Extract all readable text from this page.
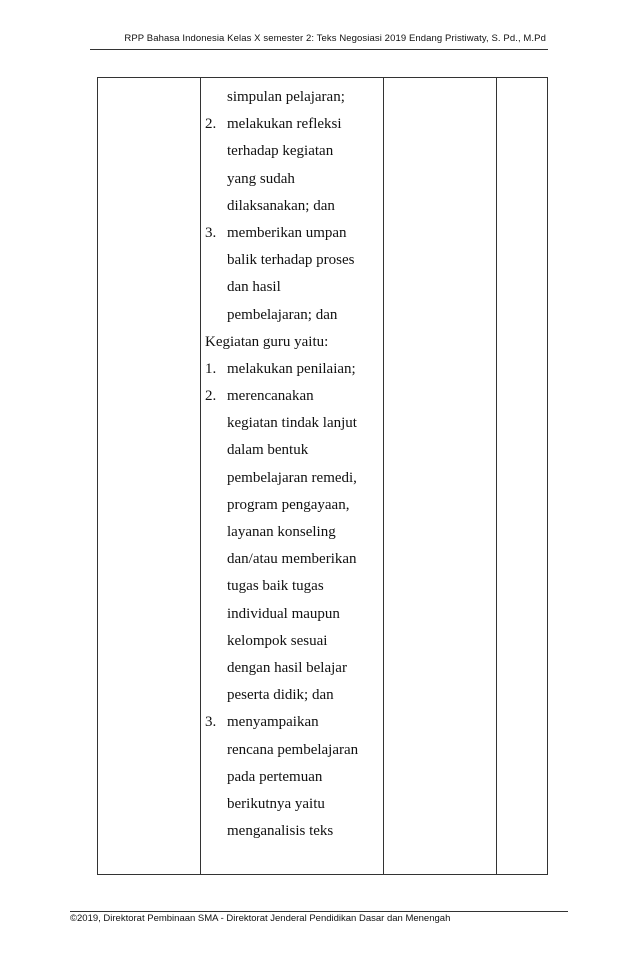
RPP Bahasa Indonesia Kelas X semester 2: Teks Negosiasi 2019 Endang Pristiwaty, S. Pd., M.Pd

simpulan pelajaran;
2. melakukan refleksi
terhadap kegiatan
yang sudah
dilaksanakan; dan
3. memberikan umpan
balik terhadap proses
dan hasil
pembelajaran; dan
Kegiatan guru yaitu:
1. melakukan penilaian;
2. merencanakan
kegiatan tindak lanjut
dalam bentuk
pembelajaran remedi,
program pengayaan,
layanan konseling
dan/atau memberikan
tugas baik tugas
individual maupun
kelompok sesuai
dengan hasil belajar
peserta didik; dan
3. menyampaikan
rencana pembelajaran
pada pertemuan
berikutnya yaitu
menganalisis teks

©2019, Direktorat Pembinaan SMA - Direktorat Jenderal Pendidikan Dasar dan Menengah
